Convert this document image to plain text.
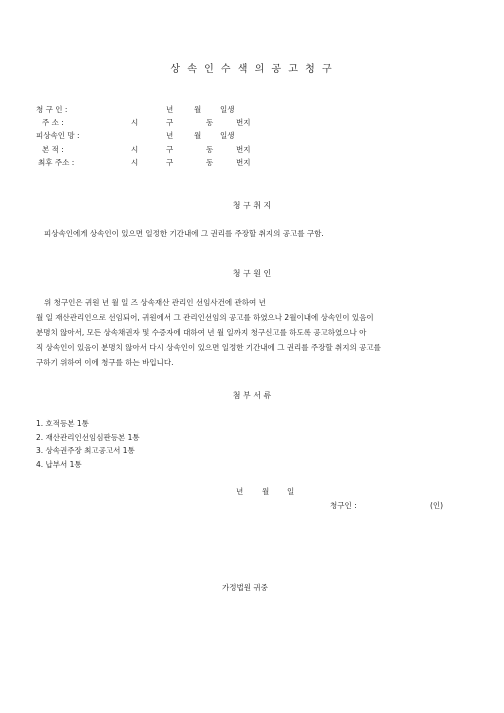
상 속 인 수 색 의 공 고 청 구
청 구 인 :	년	월	일생
주 소 :	시	구	동	번지
피상속인 망 :	년	월	일생
본 적 :	시	구	동	번지
최후 주소 :	시	구	동	번지
청 구 취 지
피상속인에게 상속인이 있으면 일정한 기간내에 그 권리를 주장할 취지의 공고를 구함.
청 구 원 인
위 청구인은 귀원 년 월 일 즈 상속재산 관리인 선임사건에 관하여 년
월 일 재산관리인으로 선임되어, 귀원에서 그 관리인선임의 공고를 하였으나 2월이내에 상속인이 있음이
분명치 않아서, 모든 상속채권자 및 수증자에 대하여 년 월 일까지 청구신고를 하도록 공고하였으나 아
직 상속인이 있음이 분명치 않아서 다시 상속인이 있으면 일정한 기간내에 그 권리를 주장할 취지의 공고를
구하기 위하여 이에 청구를 하는 바입니다.
첨 부 서 류
1. 호적등본 1통
2. 재산관리인선임심판등본 1통
3. 상속권주장 최고공고서 1통
4. 납부서 1통
년	월 일
청구인 :	(인)
가정법원 귀중
